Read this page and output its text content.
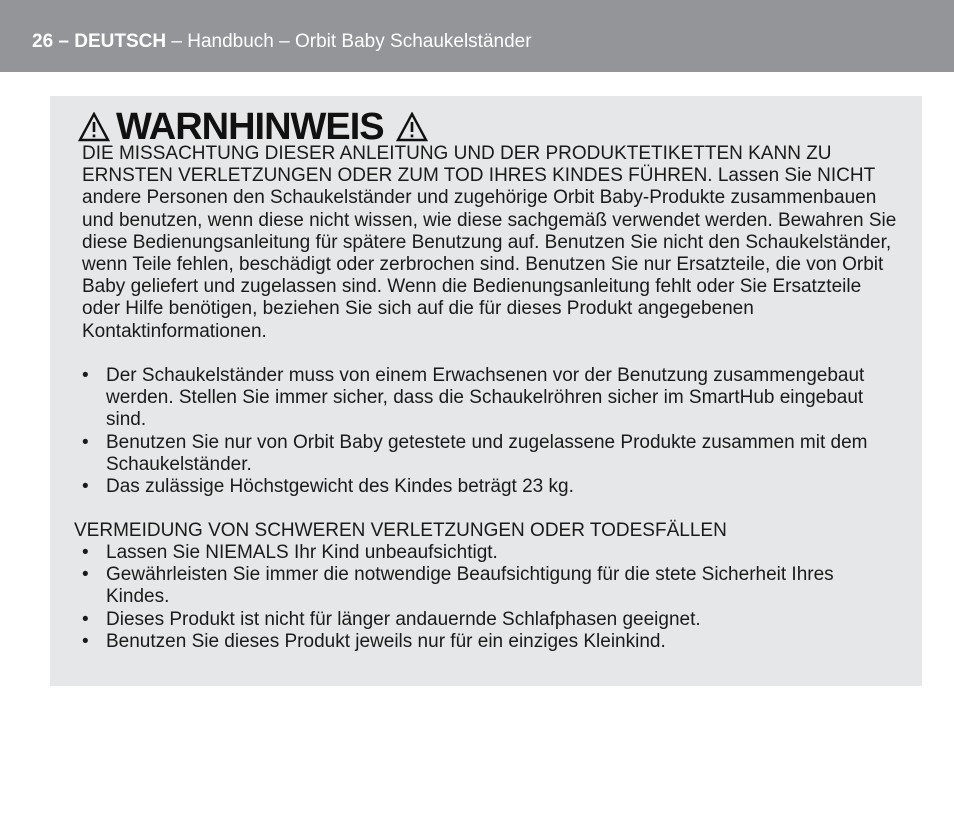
26 – DEUTSCH – Handbuch – Orbit Baby Schaukelständer
WARNHINWEIS

DIE MISSACHTUNG DIESER ANLEITUNG UND DER PRODUKTETIKETTEN KANN ZU ERNSTEN VERLETZUNGEN ODER ZUM TOD IHRES KINDES FÜHREN. Lassen Sie NICHT andere Personen den Schaukelständer und zugehörige Orbit Baby-Produkte zusammenbauen und benutzen, wenn diese nicht wissen, wie diese sachgemäß verwendet werden. Bewahren Sie diese Bedienungsanleitung für spätere Benutzung auf. Benutzen Sie nicht den Schaukelständer, wenn Teile fehlen, beschädigt oder zerbrochen sind. Benutzen Sie nur Ersatzteile, die von Orbit Baby geliefert und zugelassen sind. Wenn die Bedienungsanleitung fehlt oder Sie Ersatzteile oder Hilfe benötigen, beziehen Sie sich auf die für dieses Produkt angegebenen Kontaktinformationen.

• Der Schaukelständer muss von einem Erwachsenen vor der Benutzung zusammengebaut werden. Stellen Sie immer sicher, dass die Schaukelröhren sicher im SmartHub eingebaut sind.
• Benutzen Sie nur von Orbit Baby getestete und zugelassene Produkte zusammen mit dem Schaukelständer.
• Das zulässige Höchstgewicht des Kindes beträgt 23 kg.

VERMEIDUNG VON SCHWEREN VERLETZUNGEN ODER TODESFÄLLEN

• Lassen Sie NIEMALS Ihr Kind unbeaufsichtigt.
• Gewährleisten Sie immer die notwendige Beaufsichtigung für die stete Sicherheit Ihres Kindes.
• Dieses Produkt ist nicht für länger andauernde Schlafphasen geeignet.
• Benutzen Sie dieses Produkt jeweils nur für ein einziges Kleinkind.
